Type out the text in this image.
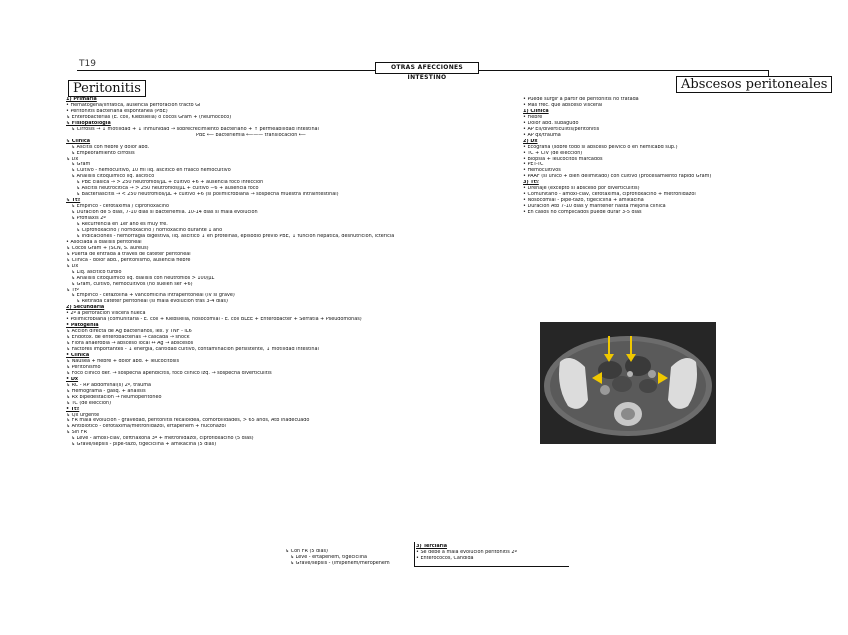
T19	OTRAS AFECCIONES INTESTINO
Peritonitis	Abscesos peritoneales
1) Primaria
• Hematógena/linfática, ausencia perforación tracto GI
• Peritonitis bacteriana espontánea (PBE)
↳ Enterobacterias (E. coli, Klebsiella) o cocos Gram + (neumococo)
↳ Fisiopatología
↳ Cirrosis → ↓ motilidad + ↓ inmunidad → sobrecrecimiento bacteriano + ↑ permeabilidad intestinal
PBE ⟵ bacteriemia ⟵—— translocación ⟵
↳ Clínica
↳ Ascitis con fiebre y dolor abd.
↳ Empeoramiento cirrosis
↳ Dx
↳ Gram
↳ Cultivo - hemocultivo, 10 ml líq. ascítico en frasco hemocultivo
↳ Análisis citoquímico líq. ascítico
↳ PBE clásica → > 250 neutrófilos/μL + cultivo +6 + ausencia foco infección
↳ Ascitis neutrocítica → > 250 neutrófilos/μL + cultivo −6 + ausencia foco
↳ Bacteriascitis → < 250 neutrófilos/μL + cultivo +6 (si polimicrobiana → sospecha muestra intraintestinal)
↳ Ttº
↳ Empírico - cefotaxima / ciprofloxacino
↳ Duración de 5 días, 7-10 días si bacteriemia. 10-14 días si mala evolución
↳ Profilaxis 2ª
↳ Recurrencia en 1er año es muy fre.
↳ Ciprofloxacino / norfloxacino / norfloxacino durante 1 año
↳ Indicaciones - hemorragia digestiva, líq. ascítico ↓ en proteínas, episodio previo PBE, ↓ función hepática, desnutrición, ictericia
• Asociada a diálisis peritoneal
↳ Cocos Gram + (SCN, S. aureus)
↳ Puerta de entrada a través de catéter peritoneal
↳ Clínica - dolor abd., peritonismo, ausencia fiebre
↳ Dx
↳ Líq. ascítico turbio
↳ Análisis citoquímico líq. diálisis con neutrófilos > 100/μL
↳ Gram, cultivo, hemocultivos (no suelen ser +6)
↳ Ttº
↳ Empírico - cefazolina + vancomicina intraperitoneal (IV si grave)
↳ Retirada catéter peritoneal (si mala evolución tras 3-4 días)
2) Secundaria
• 2ª a perforación víscera hueca
• Polimicrobiana (comunitaria - E. coli + Klebsiella, nosocomial - E. coli BLEE + Enterobacter + Serratia + Pseudomonas)
• Patogenia
↳ Acción directa de Ag bacterianos, lex. y TNF - IL6
↳ Endotox. de enterobacterias → cascada → shock
↳ Flora anaerobia → absceso local ↔ Ag → abscesos
↳ Factores importantes - ↓ energía, cantidad cultivo, contaminación persistente, ↓ motilidad intestinal
• Clínica
↳ Náusea + fiebre + dolor abd. + leucocitosis
↳ Peritonismo
↳ Foco clínico der. → sospecha apendicitis, foco clínico izq. → sospecha diverticulitis
• Dx
↳ RC - RP abdominal(s) 2º, trauma
↳ Hemograma - gasq. + análisis
↳ Rx bipedestación → neumoperitoneo
↳ TC (de elección)
• Ttº
↳ Qx urgente
↳ FR mala evolución - gravedad, peritonitis fecaloidea, comorbilidades, > 65 años, Atb inadecuado
↳ Antibiótico - cefotaxima/metronidazol, ertapenem + fluconazol
↳ Sin FR
↳ Leve - amoxi-clav, ceftriaxona 3ª + metronidazol, ciprofloxacino (5 días)
↳ Grave/sepsis - pipe-tazo, tigeciclina + amikacina (5 días)
↳ Con FR (5 días)
↳ Leve - ertapenem, tigeciclina
↳ Grave/sepsis - (imipenem/meropenem
3) Terciaria
• Se debe a mala evolución peritonitis 2ª
• Enterococos, Candida
• Puede surgir a partir de peritonitis no tratada
• Más frec. que absceso visceral
1) Clínica
• Fiebre
• Dolor abd. subagudo
• AP EII/diverticulitis/peritonitis
• AP qx/trauma
2) Dx
• Ecografía (sobre todo si absceso pélvico o en hemicabd sup.)
• TC + CIV (de elección)
• Biopsia + leucocitos marcados
• PET-TC
• Hemocultivos
• PAAF (si único + bien delimitado) con cultivo (procesamiento rápido Gram)
3) Ttº
• Drenaje (excepto si absceso por diverticulitis)
• Comunitario - amoxi-clav, cefotaxima, ciprofloxacino + metronidazol
• Nosocomial - pipe-tazo, tigeciclina + amikacina
• Duración Atb 7-10 días y mantener hasta mejoría clínica
• En casos no complicados puede durar 3-5 días
